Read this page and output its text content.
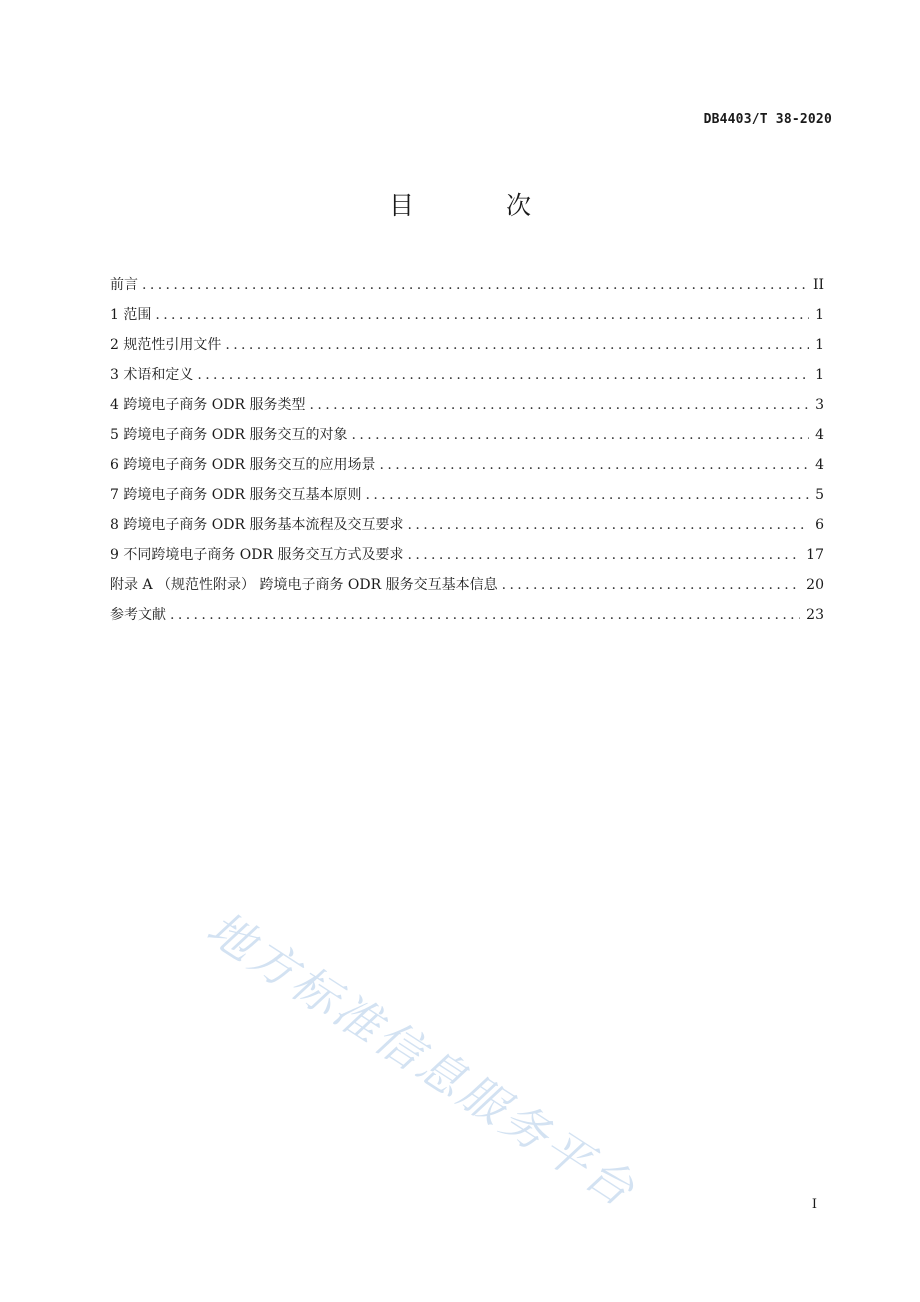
DB4403/T 38-2020
目 次
前言 .....	II
1 范围 .....	1
2 规范性引用文件 .....	1
3 术语和定义 .....	1
4 跨境电子商务 ODR 服务类型 .....	3
5 跨境电子商务 ODR 服务交互的对象 .....	4
6 跨境电子商务 ODR 服务交互的应用场景 .....	4
7 跨境电子商务 ODR 服务交互基本原则 .....	5
8 跨境电子商务 ODR 服务基本流程及交互要求 .....	6
9 不同跨境电子商务 ODR 服务交互方式及要求 .....	17
附录 A （规范性附录） 跨境电子商务 ODR 服务交互基本信息 .....	20
参考文献 .....	23
地方标准信息服务平台	I
